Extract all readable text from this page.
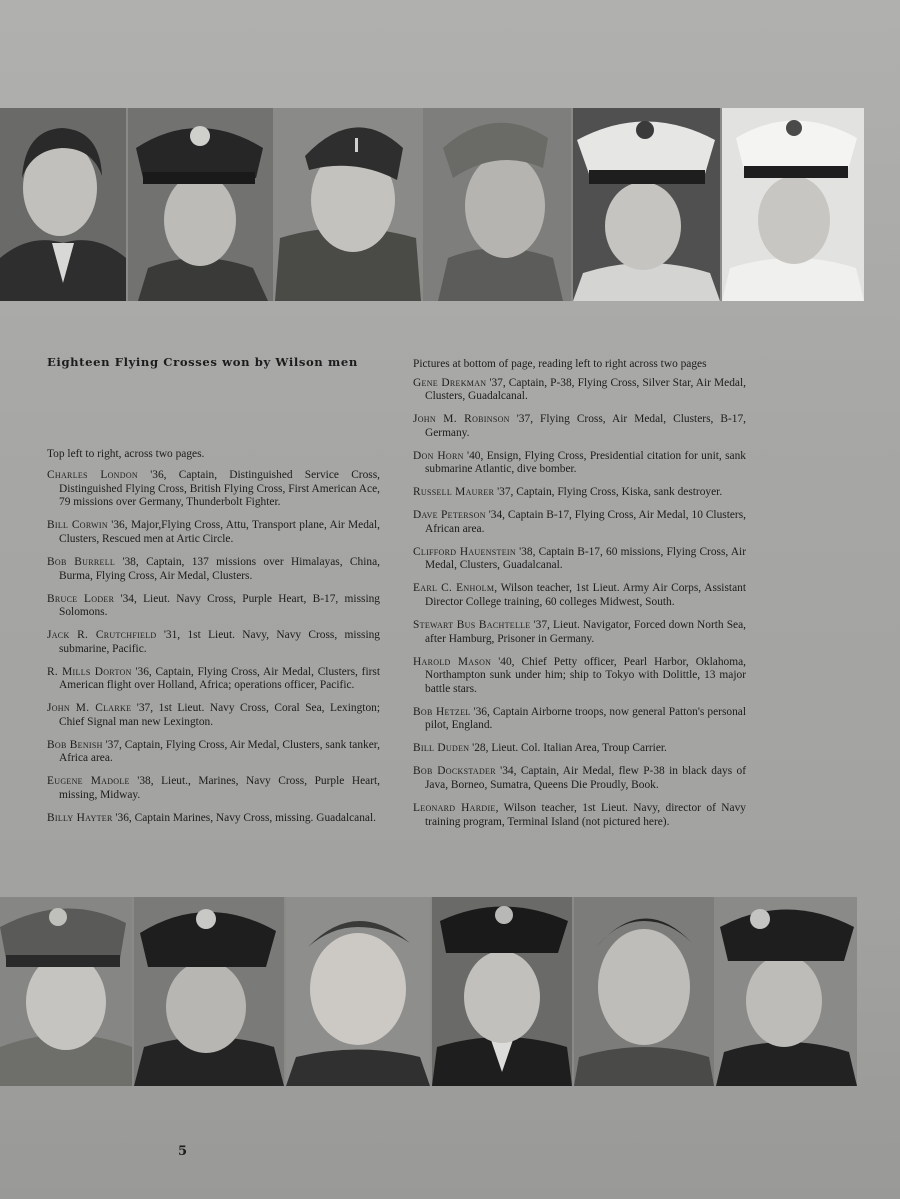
Eighteen Flying Crosses won by Wilson men

Top left to right, across two pages.

Charles London '36, Captain, Distinguished Service Cross, Distinguished Flying Cross, British Flying Cross, First American Ace, 79 missions over Germany, Thunderbolt Fighter.

Bill Corwin '36, Major,Flying Cross, Attu, Transport plane, Air Medal, Clusters, Rescued men at Artic Circle.

Bob Burrell '38, Captain, 137 missions over Himalayas, China, Burma, Flying Cross, Air Medal, Clusters.

Bruce Loder '34, Lieut. Navy Cross, Purple Heart, B-17, missing Solomons.

Jack R. Crutchfield '31, 1st Lieut. Navy, Navy Cross, missing submarine, Pacific.

R. Mills Dorton '36, Captain, Flying Cross, Air Medal, Clusters, first American flight over Holland, Africa; operations officer, Pacific.

John M. Clarke '37, 1st Lieut. Navy Cross, Coral Sea, Lexington; Chief Signal man new Lexington.

Bob Benish '37, Captain, Flying Cross, Air Medal, Clusters, sank tanker, Africa area.

Eugene Madole '38, Lieut., Marines, Navy Cross, Purple Heart, missing, Midway.

Billy Hayter '36, Captain Marines, Navy Cross, missing. Guadalcanal.

Pictures at bottom of page, reading left to right across two pages

Gene Drekman '37, Captain, P-38, Flying Cross, Silver Star, Air Medal, Clusters, Guadalcanal.

John M. Robinson '37, Flying Cross, Air Medal, Clusters, B-17, Germany.

Don Horn '40, Ensign, Flying Cross, Presidential citation for unit, sank submarine Atlantic, dive bomber.

Russell Maurer '37, Captain, Flying Cross, Kiska, sank destroyer.

Dave Peterson '34, Captain B-17, Flying Cross, Air Medal, 10 Clusters, African area.

Clifford Hauenstein '38, Captain B-17, 60 missions, Flying Cross, Air Medal, Clusters, Guadalcanal.

Earl C. Enholm, Wilson teacher, 1st Lieut. Army Air Corps, Assistant Director College training, 60 colleges Midwest, South.

Stewart Bus Bachtelle '37, Lieut. Navigator, Forced down North Sea, after Hamburg, Prisoner in Germany.

Harold Mason '40, Chief Petty officer, Pearl Harbor, Oklahoma, Northampton sunk under him; ship to Tokyo with Dolittle, 13 major battle stars.

Bob Hetzel '36, Captain Airborne troops, now general Patton's personal pilot, England.

Bill Duden '28, Lieut. Col. Italian Area, Troup Carrier.

Bob Dockstader '34, Captain, Air Medal, flew P-38 in black days of Java, Borneo, Sumatra, Queens Die Proudly, Book.

Leonard Hardie, Wilson teacher, 1st Lieut. Navy, director of Navy training program, Terminal Island (not pictured here).

5
